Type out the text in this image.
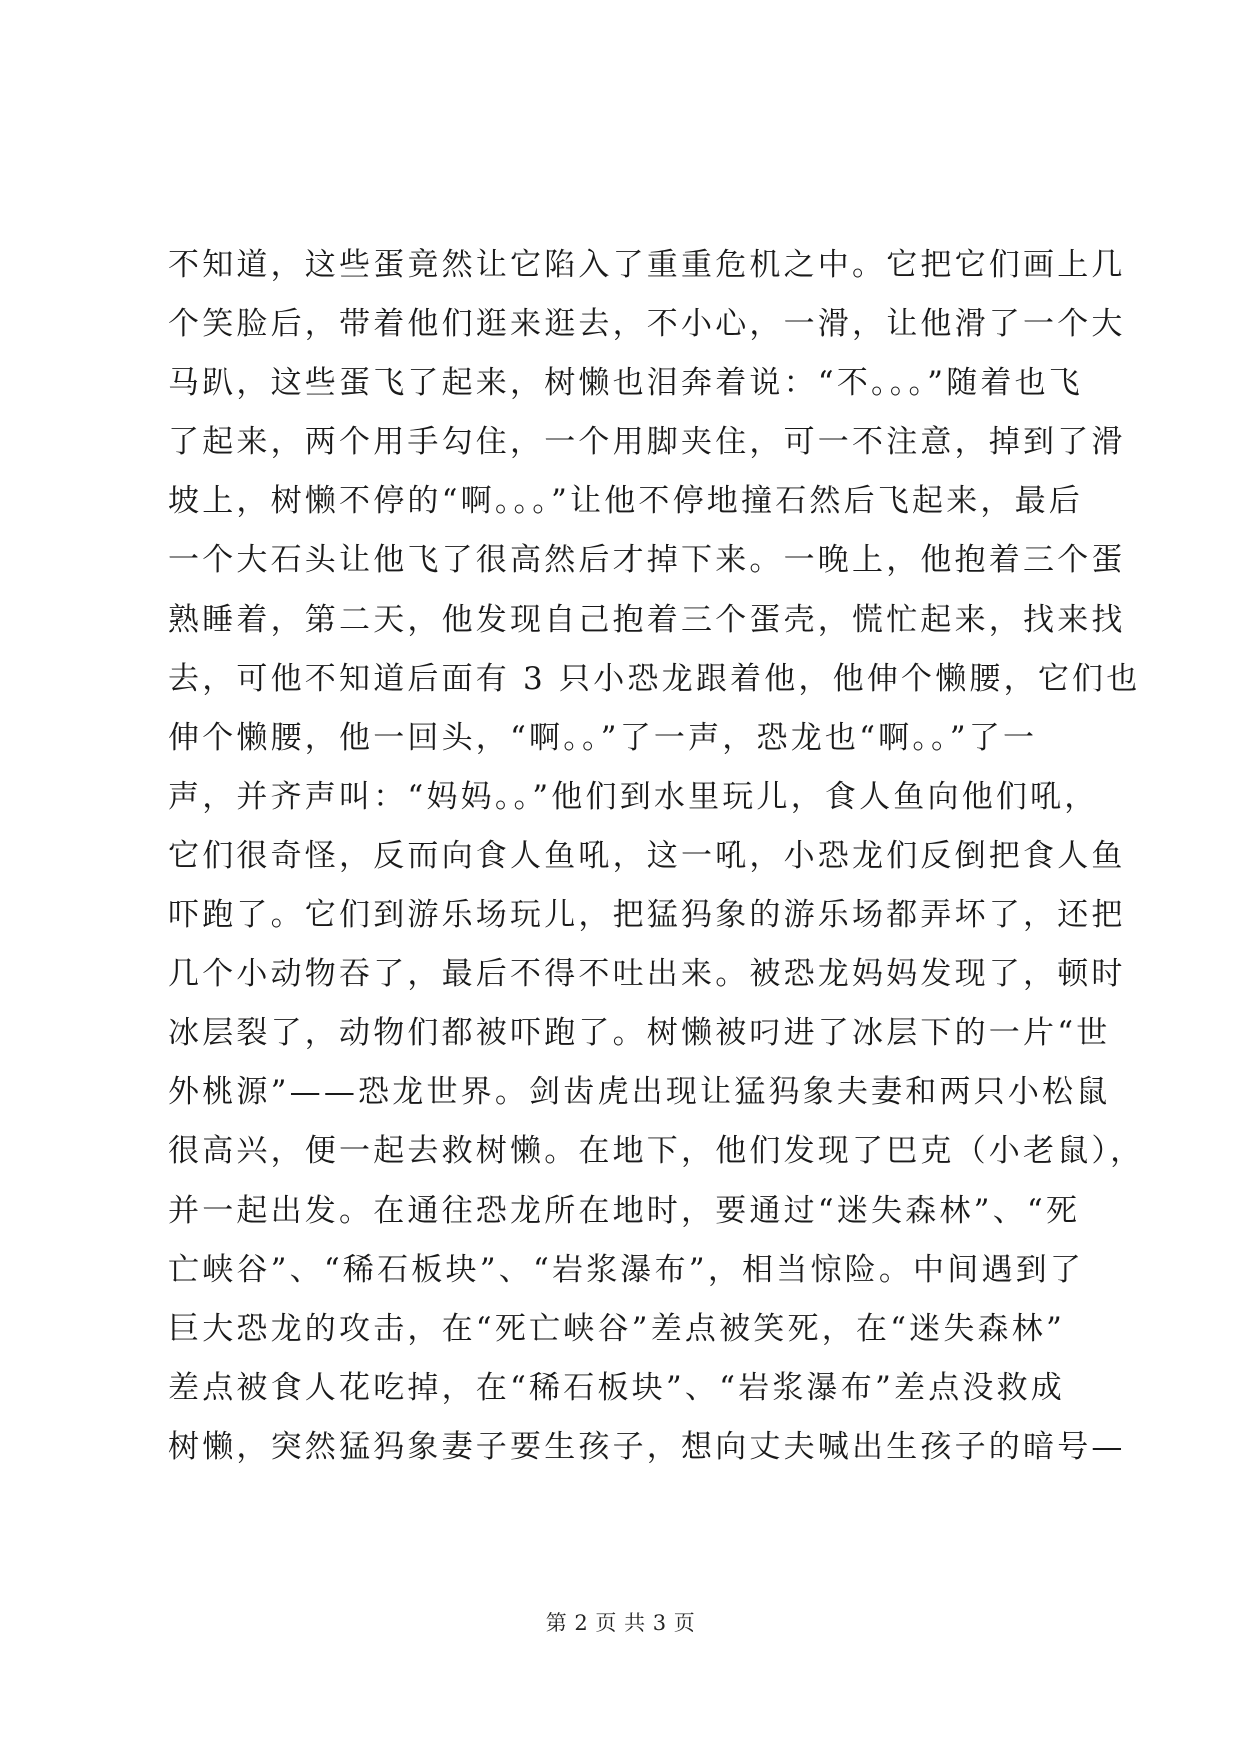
不知道，这些蛋竟然让它陷入了重重危机之中。它把它们画上几
个笑脸后，带着他们逛来逛去，不小心，一滑，让他滑了一个大
马趴，这些蛋飞了起来，树懒也泪奔着说：“不。。。”随着也飞
了起来，两个用手勾住，一个用脚夹住，可一不注意，掉到了滑
坡上，树懒不停的“啊。。。”让他不停地撞石然后飞起来，最后
一个大石头让他飞了很高然后才掉下来。一晚上，他抱着三个蛋
熟睡着，第二天，他发现自己抱着三个蛋壳，慌忙起来，找来找
去，可他不知道后面有 3 只小恐龙跟着他，他伸个懒腰，它们也
伸个懒腰，他一回头，“啊。。”了一声，恐龙也“啊。。”了一
声，并齐声叫：“妈妈。。”他们到水里玩儿，食人鱼向他们吼，
它们很奇怪，反而向食人鱼吼，这一吼，小恐龙们反倒把食人鱼
吓跑了。它们到游乐场玩儿，把猛犸象的游乐场都弄坏了，还把
几个小动物吞了，最后不得不吐出来。被恐龙妈妈发现了，顿时
冰层裂了，动物们都被吓跑了。树懒被叼进了冰层下的一片“世
外桃源”——恐龙世界。剑齿虎出现让猛犸象夫妻和两只小松鼠
很高兴，便一起去救树懒。在地下，他们发现了巴克（小老鼠），
并一起出发。在通往恐龙所在地时，要通过“迷失森林”、“死
亡峡谷”、“稀石板块”、“岩浆瀑布”，相当惊险。中间遇到了
巨大恐龙的攻击，在“死亡峡谷”差点被笑死，在“迷失森林”
差点被食人花吃掉，在“稀石板块”、“岩浆瀑布”差点没救成
树懒，突然猛犸象妻子要生孩子，想向丈夫喊出生孩子的暗号—
第 2 页 共 3 页
